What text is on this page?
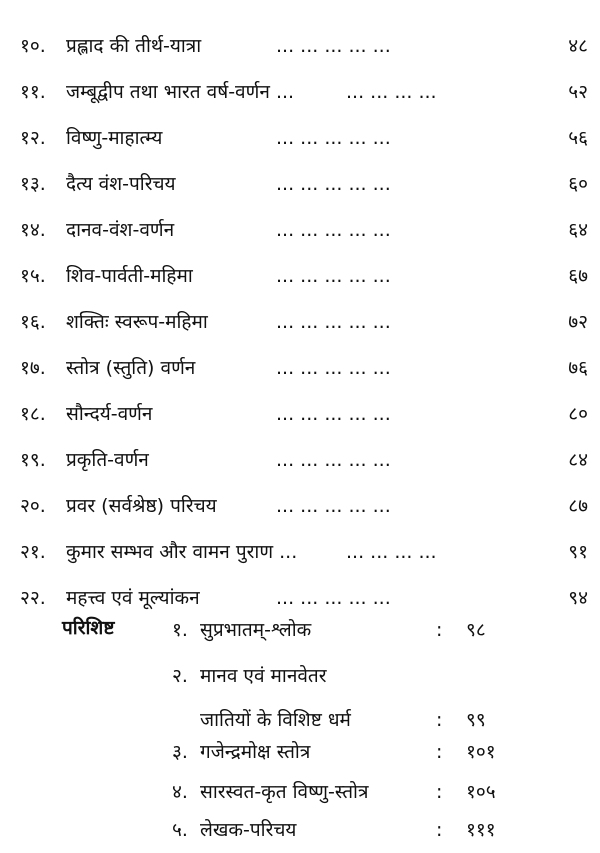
१०.	प्रह्लाद की तीर्थ-यात्रा	... ... ... ... ...	४८
११.	जम्बूद्वीप तथा भारत वर्ष-वर्णन ...	... ... ... ...	५२
१२.	विष्णु-माहात्म्य	... ... ... ... ...	५६
१३.	दैत्य वंश-परिचय	... ... ... ... ...	६०
१४.	दानव-वंश-वर्णन	... ... ... ... ...	६४
१५.	शिव-पार्वती-महिमा	... ... ... ... ...	६७
१६.	शक्तिः स्वरूप-महिमा	... ... ... ... ...	७२
१७.	स्तोत्र (स्तुति) वर्णन	... ... ... ... ...	७६
१८.	सौन्दर्य-वर्णन	... ... ... ... ...	८०
१९.	प्रकृति-वर्णन	... ... ... ... ...	८४
२०.	प्रवर (सर्वश्रेष्ठ) परिचय	... ... ... ... ...	८७
२१.	कुमार सम्भव और वामन पुराण ...	... ... ... ...	९१
२२.	महत्त्व एवं मूल्यांकन	... ... ... ... ...	९४
परिशिष्ट	१. सुप्रभातम्-श्लोक	: ९८
२. मानव एवं मानवेतर
जातियों के विशिष्ट धर्म	: ९९
३. गजेन्द्रमोक्ष स्तोत्र	: १०१
४. सारस्वत-कृत विष्णु-स्तोत्र	: १०५
५. लेखक-परिचय	: १११
